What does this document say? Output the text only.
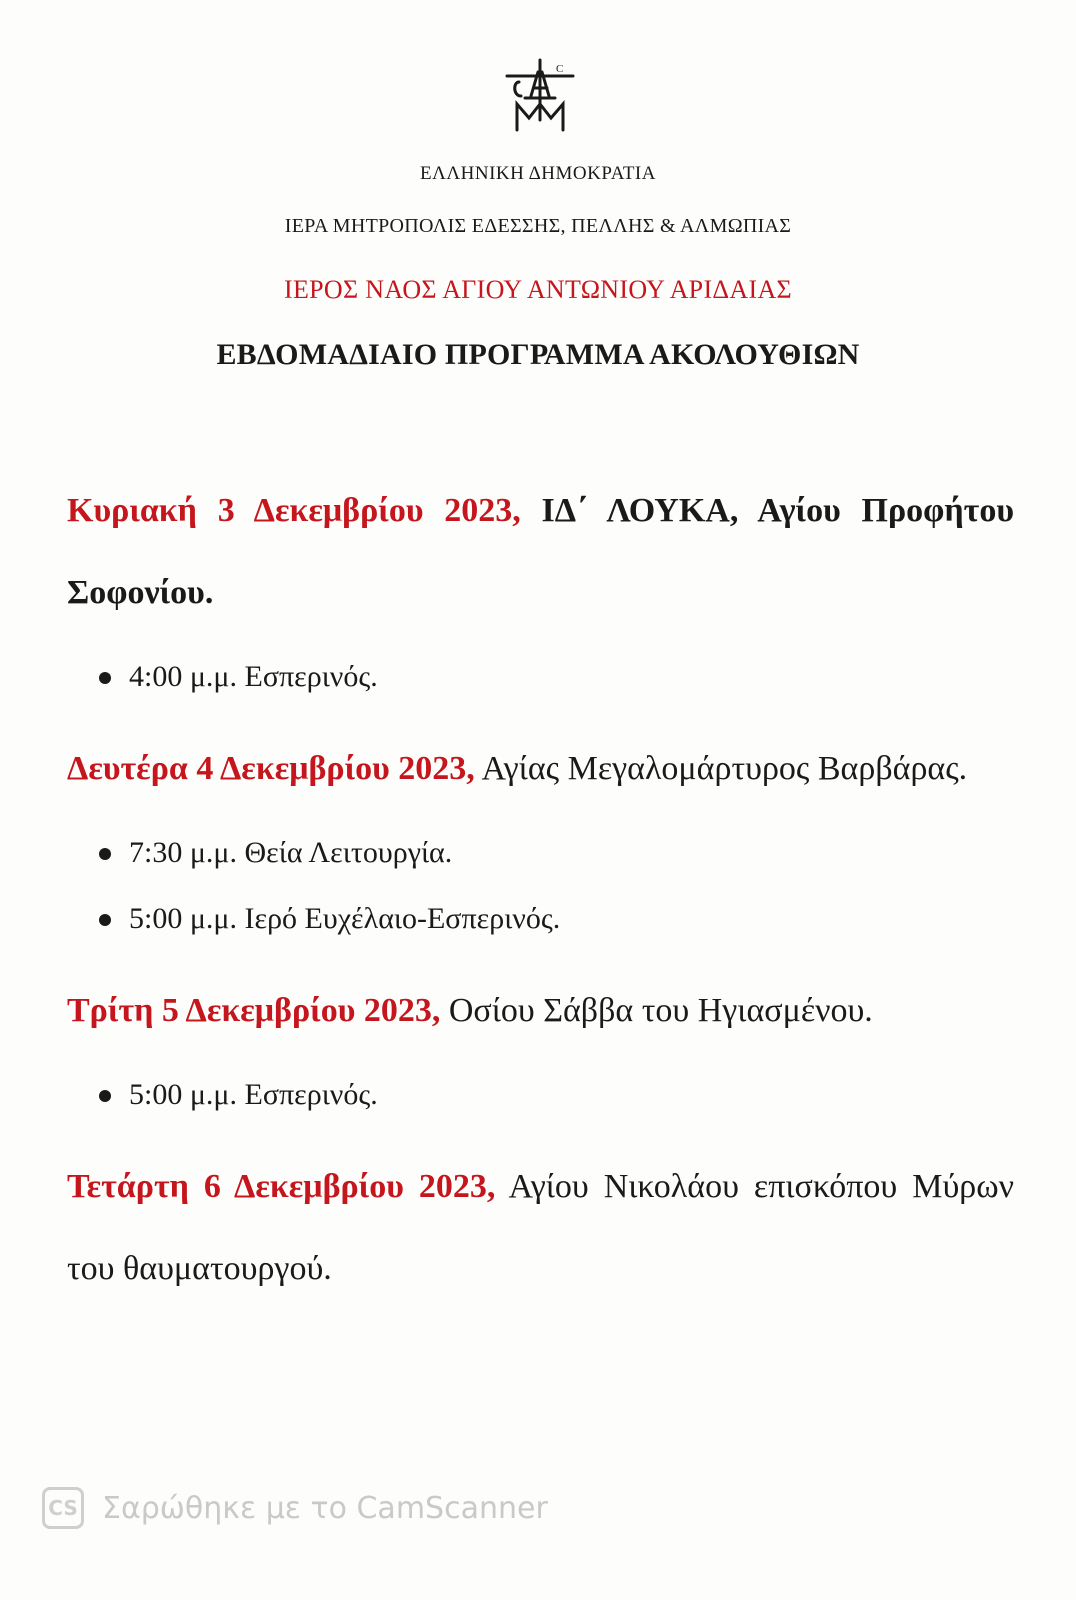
C
ΕΛΛΗΝΙΚΗ ΔΗΜΟΚΡΑΤΙΑ
ΙΕΡΑ ΜΗΤΡΟΠΟΛΙΣ ΕΔΕΣΣΗΣ, ΠΕΛΛΗΣ & ΑΛΜΩΠΙΑΣ
ΙΕΡΟΣ ΝΑΟΣ ΑΓΙΟΥ ΑΝΤΩΝΙΟΥ ΑΡΙΔΑΙΑΣ
ΕΒΔΟΜΑΔΙΑΙΟ ΠΡΟΓΡΑΜΜΑ ΑΚΟΛΟΥΘΙΩΝ

Κυριακή 3 Δεκεμβρίου 2023, ΙΔ΄ ΛΟΥΚΑ, Αγίου Προφήτου Σοφονίου.

4:00 μ.μ. Εσπερινός.

Δευτέρα 4 Δεκεμβρίου 2023, Αγίας Μεγαλομάρτυρος Βαρβάρας.

7:30 μ.μ. Θεία Λειτουργία.
5:00 μ.μ. Ιερό Ευχέλαιο-Εσπερινός.

Τρίτη 5 Δεκεμβρίου 2023, Οσίου Σάββα του Ηγιασμένου.

5:00 μ.μ. Εσπερινός.

Τετάρτη 6 Δεκεμβρίου 2023, Αγίου Νικολάου επισκόπου Μύρων του θαυματουργού.

CS Σαρώθηκε με το CamScanner
